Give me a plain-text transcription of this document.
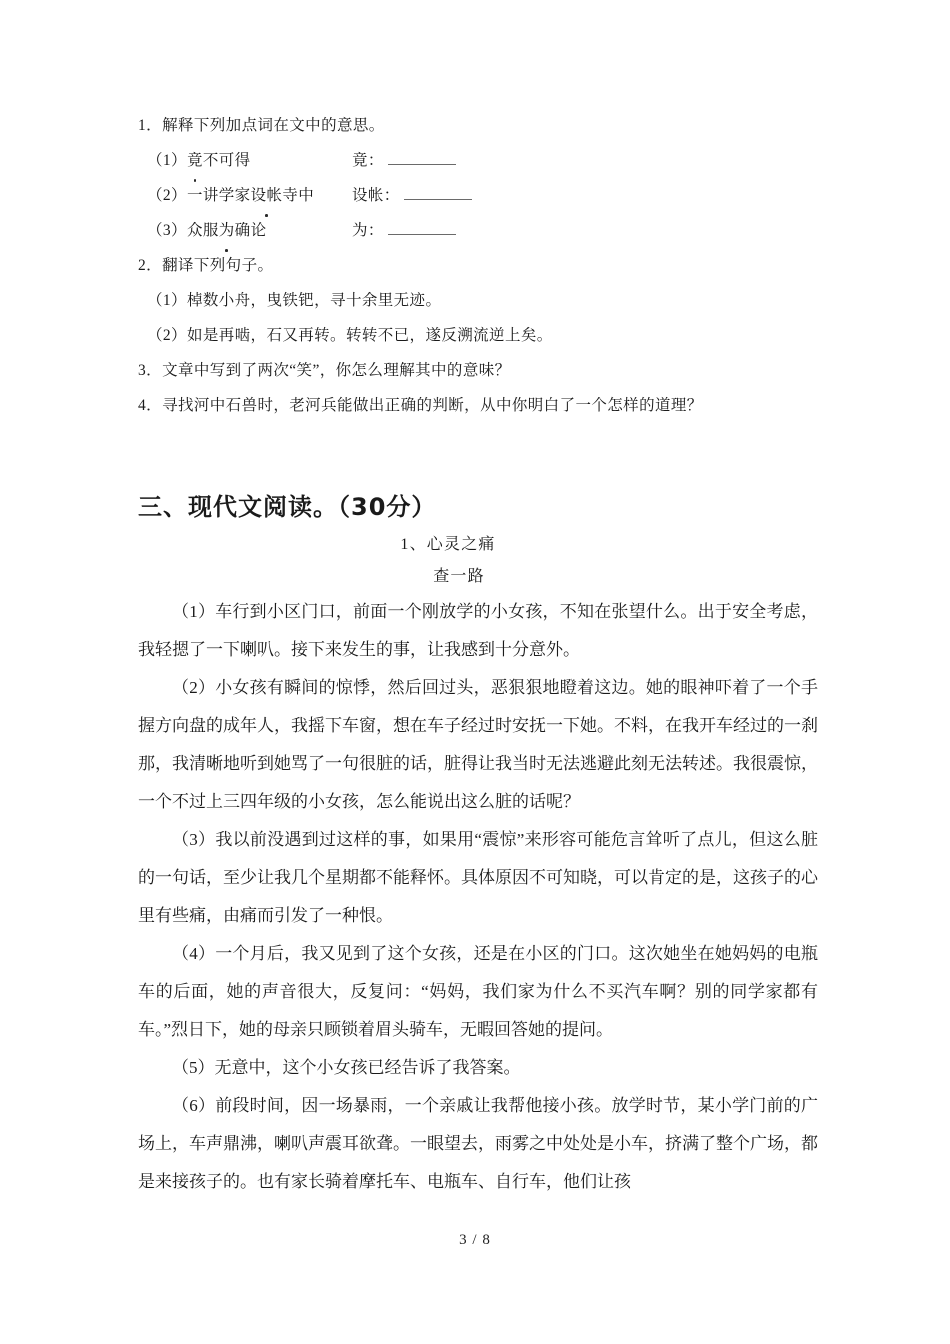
1．解释下列加点词在文中的意思。
（1）竟不可得	竟：
（2）一讲学家设帐寺中 设帐：
（3）众服为确论	为：
2．翻译下列句子。
（1）棹数小舟，曳铁钯，寻十余里无迹。
（2）如是再啮，石又再转。转转不已，遂反溯流逆上矣。
3．文章中写到了两次“笑”，你怎么理解其中的意味？
4．寻找河中石兽时，老河兵能做出正确的判断，从中你明白了一个怎样的道理？
三、现代文阅读。（30分）
1、心灵之痛
查一路

（1）车行到小区门口，前面一个刚放学的小女孩，不知在张望什么。出于安全考虑，我轻摁了一下喇叭。接下来发生的事，让我感到十分意外。

（2）小女孩有瞬间的惊悸，然后回过头，恶狠狠地瞪着这边。她的眼神吓着了一个手握方向盘的成年人，我摇下车窗，想在车子经过时安抚一下她。不料，在我开车经过的一刹那，我清晰地听到她骂了一句很脏的话，脏得让我当时无法逃避此刻无法转述。我很震惊，一个不过上三四年级的小女孩，怎么能说出这么脏的话呢？

（3）我以前没遇到过这样的事，如果用“震惊”来形容可能危言耸听了点儿，但这么脏的一句话，至少让我几个星期都不能释怀。具体原因不可知晓，可以肯定的是，这孩子的心里有些痛，由痛而引发了一种恨。

（4）一个月后，我又见到了这个女孩，还是在小区的门口。这次她坐在她妈妈的电瓶车的后面，她的声音很大，反复问：“妈妈，我们家为什么不买汽车啊？别的同学家都有车。”烈日下，她的母亲只顾锁着眉头骑车，无暇回答她的提问。

（5）无意中，这个小女孩已经告诉了我答案。

（6）前段时间，因一场暴雨，一个亲戚让我帮他接小孩。放学时节，某小学门前的广场上，车声鼎沸，喇叭声震耳欲聋。一眼望去，雨雾之中处处是小车，挤满了整个广场，都是来接孩子的。也有家长骑着摩托车、电瓶车、自行车，他们让孩

3 / 8
